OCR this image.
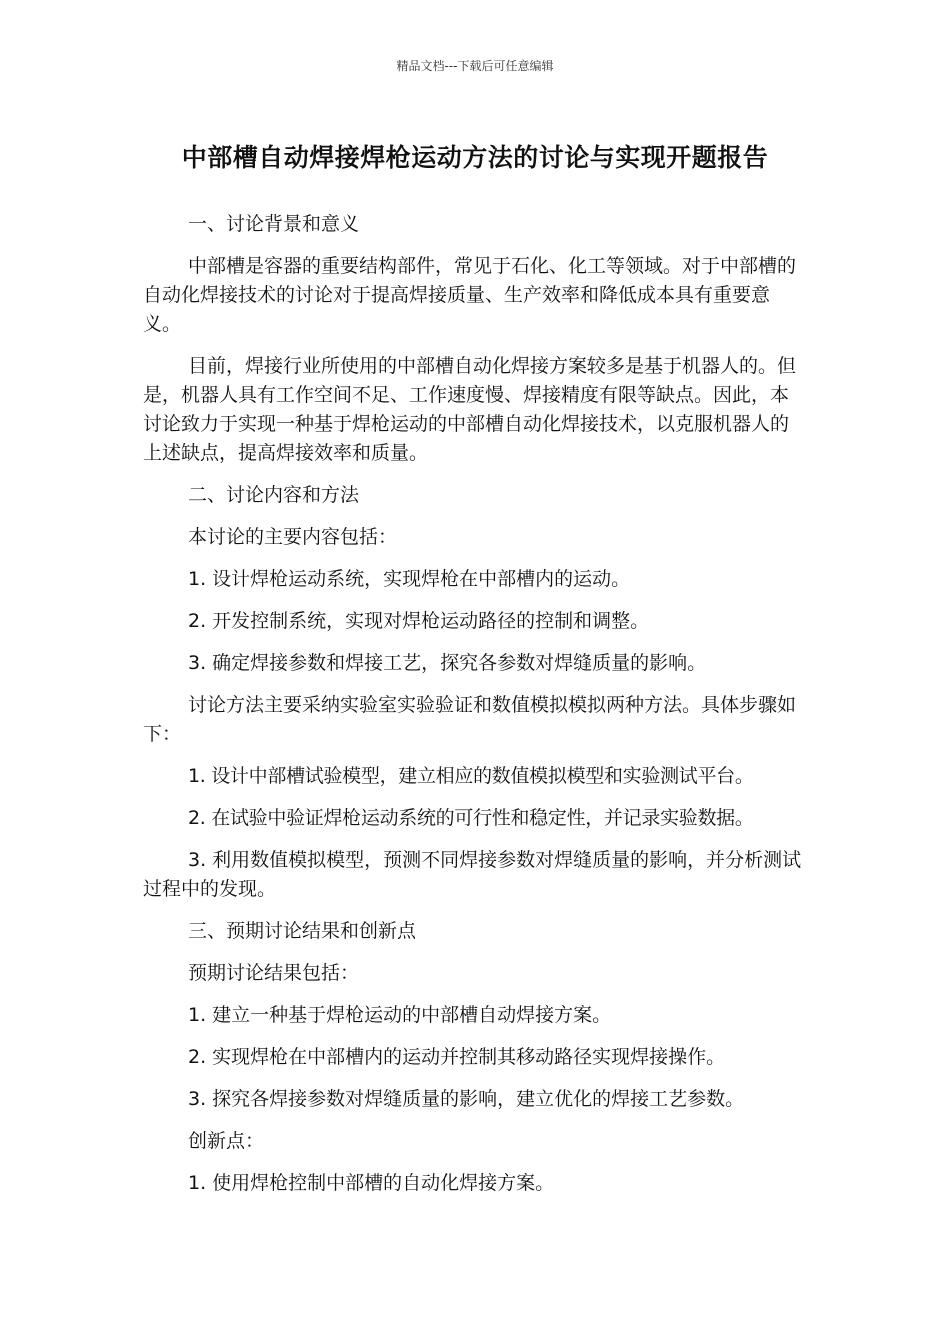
精品文档---下载后可任意编辑
中部槽自动焊接焊枪运动方法的讨论与实现开题报告

一、讨论背景和意义

中部槽是容器的重要结构部件，常见于石化、化工等领域。对于中部槽的自动化焊接技术的讨论对于提高焊接质量、生产效率和降低成本具有重要意义。

目前，焊接行业所使用的中部槽自动化焊接方案较多是基于机器人的。但是，机器人具有工作空间不足、工作速度慢、焊接精度有限等缺点。因此，本讨论致力于实现一种基于焊枪运动的中部槽自动化焊接技术，以克服机器人的上述缺点，提高焊接效率和质量。

二、讨论内容和方法

本讨论的主要内容包括：

1. 设计焊枪运动系统，实现焊枪在中部槽内的运动。

2. 开发控制系统，实现对焊枪运动路径的控制和调整。

3. 确定焊接参数和焊接工艺，探究各参数对焊缝质量的影响。

讨论方法主要采纳实验室实验验证和数值模拟模拟两种方法。具体步骤如下：

1. 设计中部槽试验模型，建立相应的数值模拟模型和实验测试平台。

2. 在试验中验证焊枪运动系统的可行性和稳定性，并记录实验数据。

3. 利用数值模拟模型，预测不同焊接参数对焊缝质量的影响，并分析测试过程中的发现。

三、预期讨论结果和创新点

预期讨论结果包括：

1. 建立一种基于焊枪运动的中部槽自动焊接方案。

2. 实现焊枪在中部槽内的运动并控制其移动路径实现焊接操作。

3. 探究各焊接参数对焊缝质量的影响，建立优化的焊接工艺参数。

创新点：

1. 使用焊枪控制中部槽的自动化焊接方案。
